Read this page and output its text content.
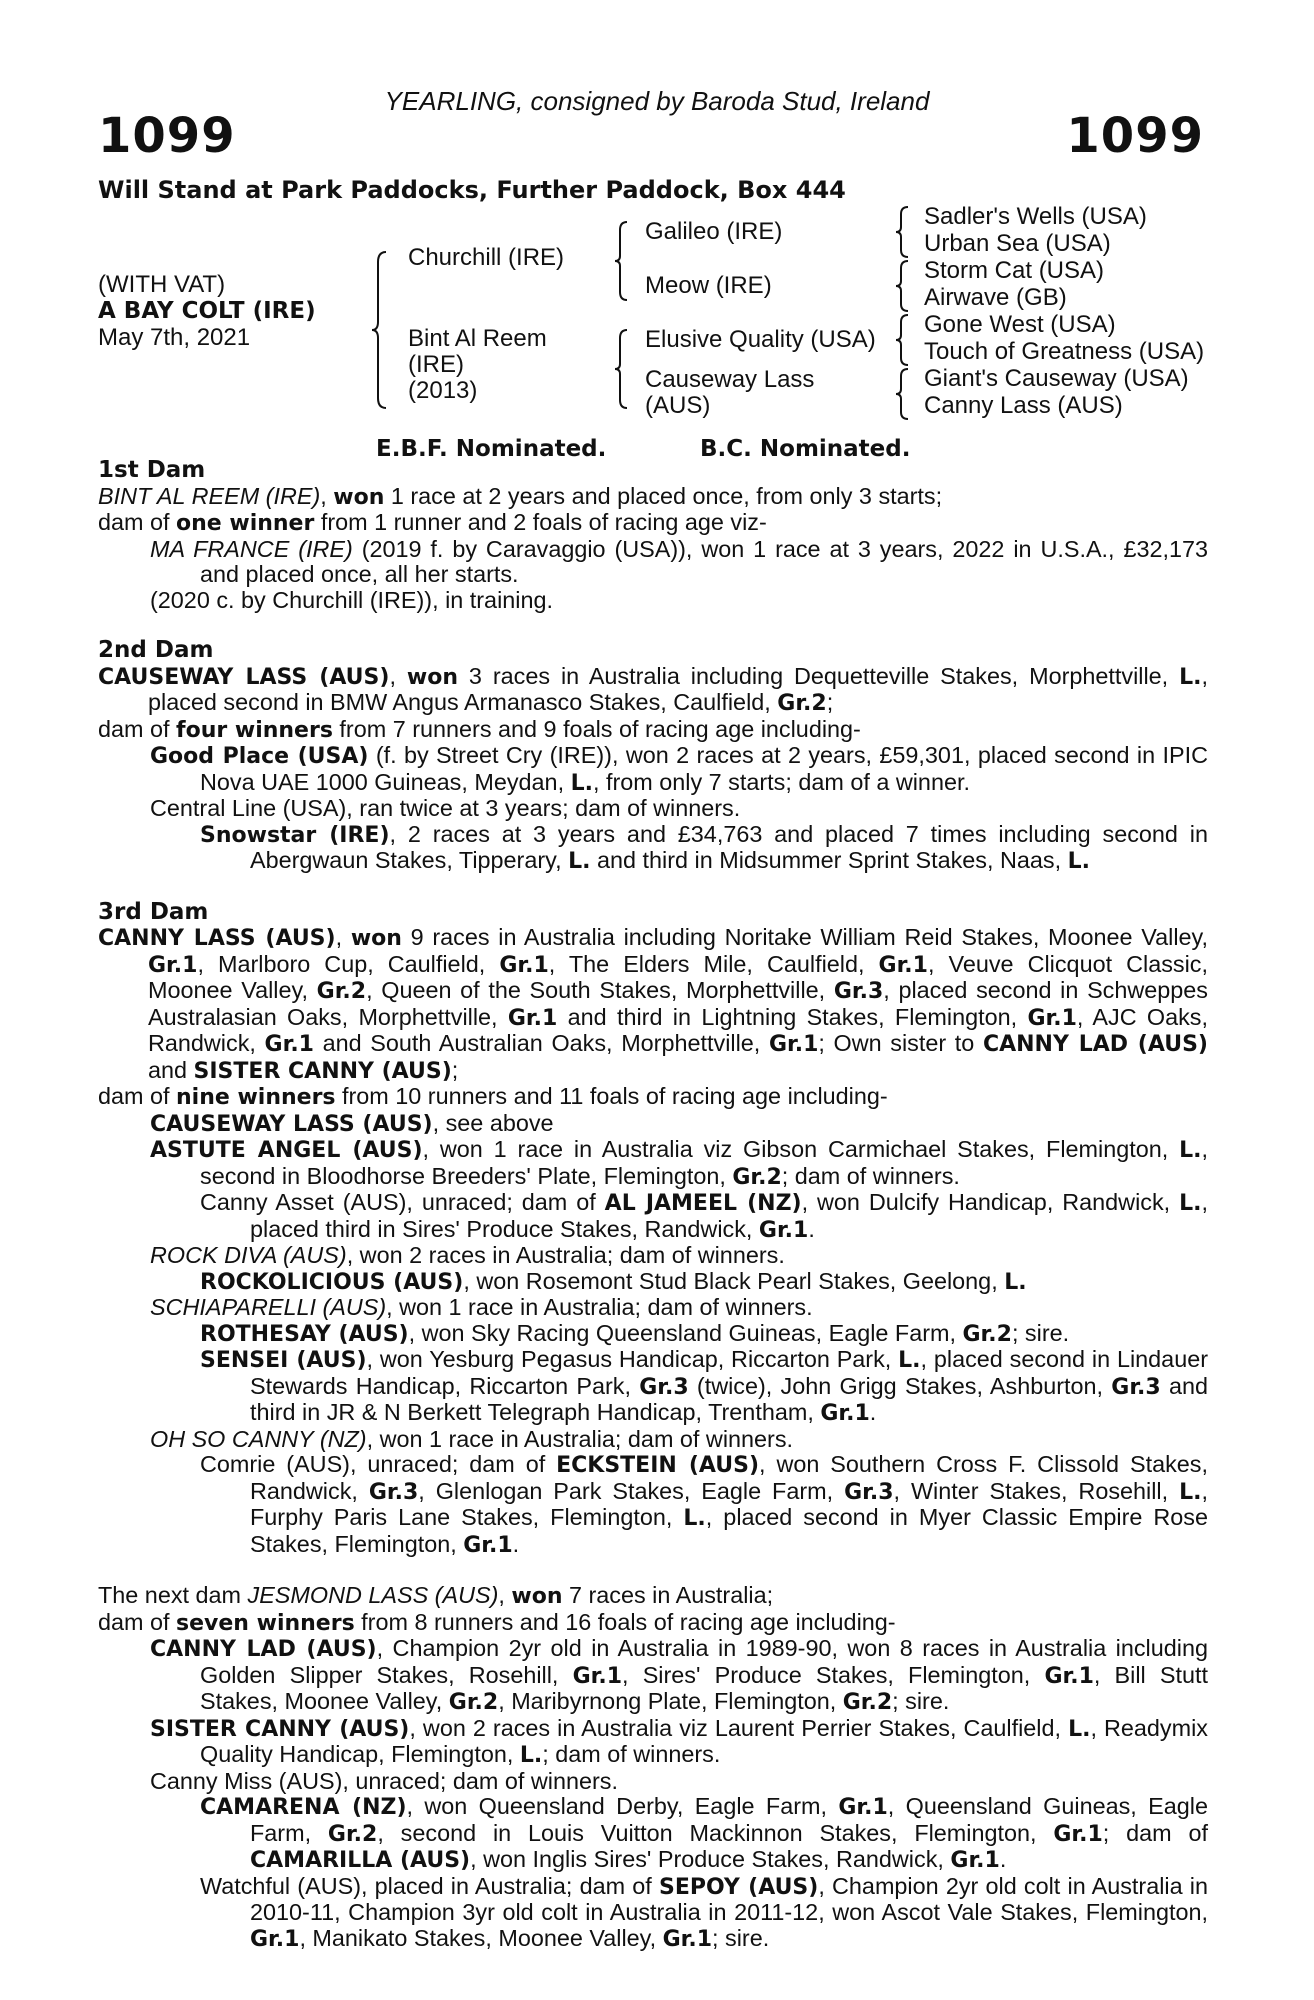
YEARLING, consigned by Baroda Stud, Ireland
1099	1099
Will Stand at Park Paddocks, Further Paddock, Box 444
(WITH VAT)
A BAY COLT (IRE)
May 7th, 2021
Churchill (IRE)
Bint Al Reem
(IRE)
(2013)
Galileo (IRE)
Meow (IRE)
Elusive Quality (USA)
Causeway Lass
(AUS)
Sadler's Wells (USA)
Urban Sea (USA)
Storm Cat (USA)
Airwave (GB)
Gone West (USA)
Touch of Greatness (USA)
Giant's Causeway (USA)
Canny Lass (AUS)
E.B.F. Nominated.	B.C. Nominated.

1st Dam

BINT AL REEM (IRE), won 1 race at 2 years and placed once, from only 3 starts;

dam of one winner from 1 runner and 2 foals of racing age viz-

MA FRANCE (IRE) (2019 f. by Caravaggio (USA)), won 1 race at 3 years, 2022 in U.S.A., £32,173 and placed once, all her starts.

(2020 c. by Churchill (IRE)), in training.

2nd Dam

CAUSEWAY LASS (AUS), won 3 races in Australia including Dequetteville Stakes, Morphettville, L., placed second in BMW Angus Armanasco Stakes, Caulfield, Gr.2;

dam of four winners from 7 runners and 9 foals of racing age including-

Good Place (USA) (f. by Street Cry (IRE)), won 2 races at 2 years, £59,301, placed second in IPIC Nova UAE 1000 Guineas, Meydan, L., from only 7 starts; dam of a winner.

Central Line (USA), ran twice at 3 years; dam of winners.

Snowstar (IRE), 2 races at 3 years and £34,763 and placed 7 times including second in Abergwaun Stakes, Tipperary, L. and third in Midsummer Sprint Stakes, Naas, L.

3rd Dam

CANNY LASS (AUS), won 9 races in Australia including Noritake William Reid Stakes, Moonee Valley, Gr.1, Marlboro Cup, Caulfield, Gr.1, The Elders Mile, Caulfield, Gr.1, Veuve Clicquot Classic, Moonee Valley, Gr.2, Queen of the South Stakes, Morphettville, Gr.3, placed second in Schweppes Australasian Oaks, Morphettville, Gr.1 and third in Lightning Stakes, Flemington, Gr.1, AJC Oaks, Randwick, Gr.1 and South Australian Oaks, Morphettville, Gr.1; Own sister to CANNY LAD (AUS) and SISTER CANNY (AUS);

dam of nine winners from 10 runners and 11 foals of racing age including-

CAUSEWAY LASS (AUS), see above

ASTUTE ANGEL (AUS), won 1 race in Australia viz Gibson Carmichael Stakes, Flemington, L., second in Bloodhorse Breeders' Plate, Flemington, Gr.2; dam of winners.

Canny Asset (AUS), unraced; dam of AL JAMEEL (NZ), won Dulcify Handicap, Randwick, L., placed third in Sires' Produce Stakes, Randwick, Gr.1.

ROCK DIVA (AUS), won 2 races in Australia; dam of winners.

ROCKOLICIOUS (AUS), won Rosemont Stud Black Pearl Stakes, Geelong, L.

SCHIAPARELLI (AUS), won 1 race in Australia; dam of winners.

ROTHESAY (AUS), won Sky Racing Queensland Guineas, Eagle Farm, Gr.2; sire.

SENSEI (AUS), won Yesburg Pegasus Handicap, Riccarton Park, L., placed second in Lindauer Stewards Handicap, Riccarton Park, Gr.3 (twice), John Grigg Stakes, Ashburton, Gr.3 and third in JR & N Berkett Telegraph Handicap, Trentham, Gr.1.

OH SO CANNY (NZ), won 1 race in Australia; dam of winners.

Comrie (AUS), unraced; dam of ECKSTEIN (AUS), won Southern Cross F. Clissold Stakes, Randwick, Gr.3, Glenlogan Park Stakes, Eagle Farm, Gr.3, Winter Stakes, Rosehill, L., Furphy Paris Lane Stakes, Flemington, L., placed second in Myer Classic Empire Rose Stakes, Flemington, Gr.1.

The next dam JESMOND LASS (AUS), won 7 races in Australia;

dam of seven winners from 8 runners and 16 foals of racing age including-

CANNY LAD (AUS), Champion 2yr old in Australia in 1989-90, won 8 races in Australia including Golden Slipper Stakes, Rosehill, Gr.1, Sires' Produce Stakes, Flemington, Gr.1, Bill Stutt Stakes, Moonee Valley, Gr.2, Maribyrnong Plate, Flemington, Gr.2; sire.

SISTER CANNY (AUS), won 2 races in Australia viz Laurent Perrier Stakes, Caulfield, L., Readymix Quality Handicap, Flemington, L.; dam of winners.

Canny Miss (AUS), unraced; dam of winners.

CAMARENA (NZ), won Queensland Derby, Eagle Farm, Gr.1, Queensland Guineas, Eagle Farm, Gr.2, second in Louis Vuitton Mackinnon Stakes, Flemington, Gr.1; dam of CAMARILLA (AUS), won Inglis Sires' Produce Stakes, Randwick, Gr.1.

Watchful (AUS), placed in Australia; dam of SEPOY (AUS), Champion 2yr old colt in Australia in 2010-11, Champion 3yr old colt in Australia in 2011-12, won Ascot Vale Stakes, Flemington, Gr.1, Manikato Stakes, Moonee Valley, Gr.1; sire.
